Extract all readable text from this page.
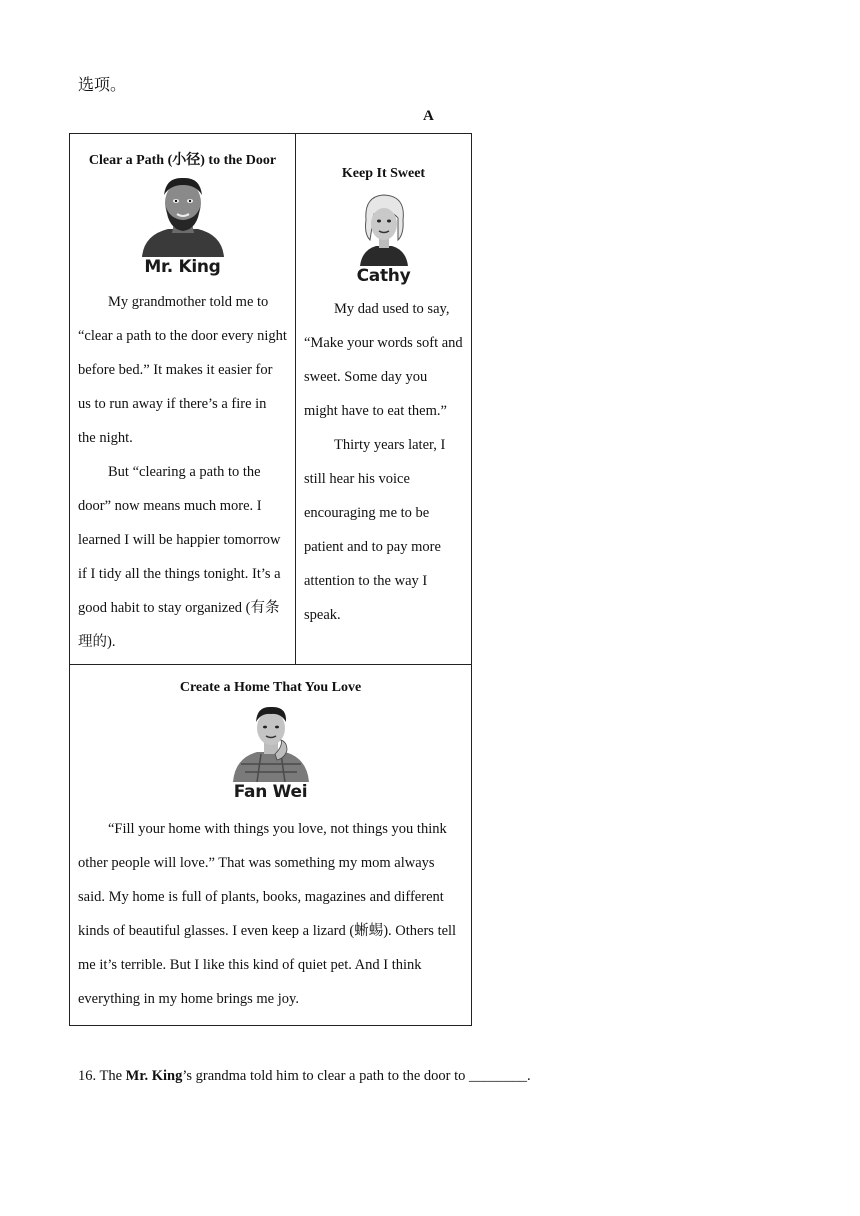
选项。
A
Clear a Path (小径) to the Door
Mr. King

My grandmother told me to “clear a path to the door every night before bed.” It makes it easier for us to run away if there’s a fire in the night.

But “clearing a path to the door” now means much more. I learned I will be happier tomorrow if I tidy all the things tonight. It’s a good habit to stay organized (有条理的).

Keep It Sweet
Cathy

My dad used to say, “Make your words soft and sweet. Some day you might have to eat them.”

Thirty years later, I still hear his voice encouraging me to be patient and to pay more attention to the way I speak.

Create a Home That You Love
Fan Wei

“Fill your home with things you love, not things you think other people will love.” That was something my mom always said. My home is full of plants, books, magazines and different kinds of beautiful glasses. I even keep a lizard (蜥蜴). Others tell me it’s terrible. But I like this kind of quiet pet. And I think everything in my home brings me joy.

16. The Mr. King’s grandma told him to clear a path to the door to ________.
